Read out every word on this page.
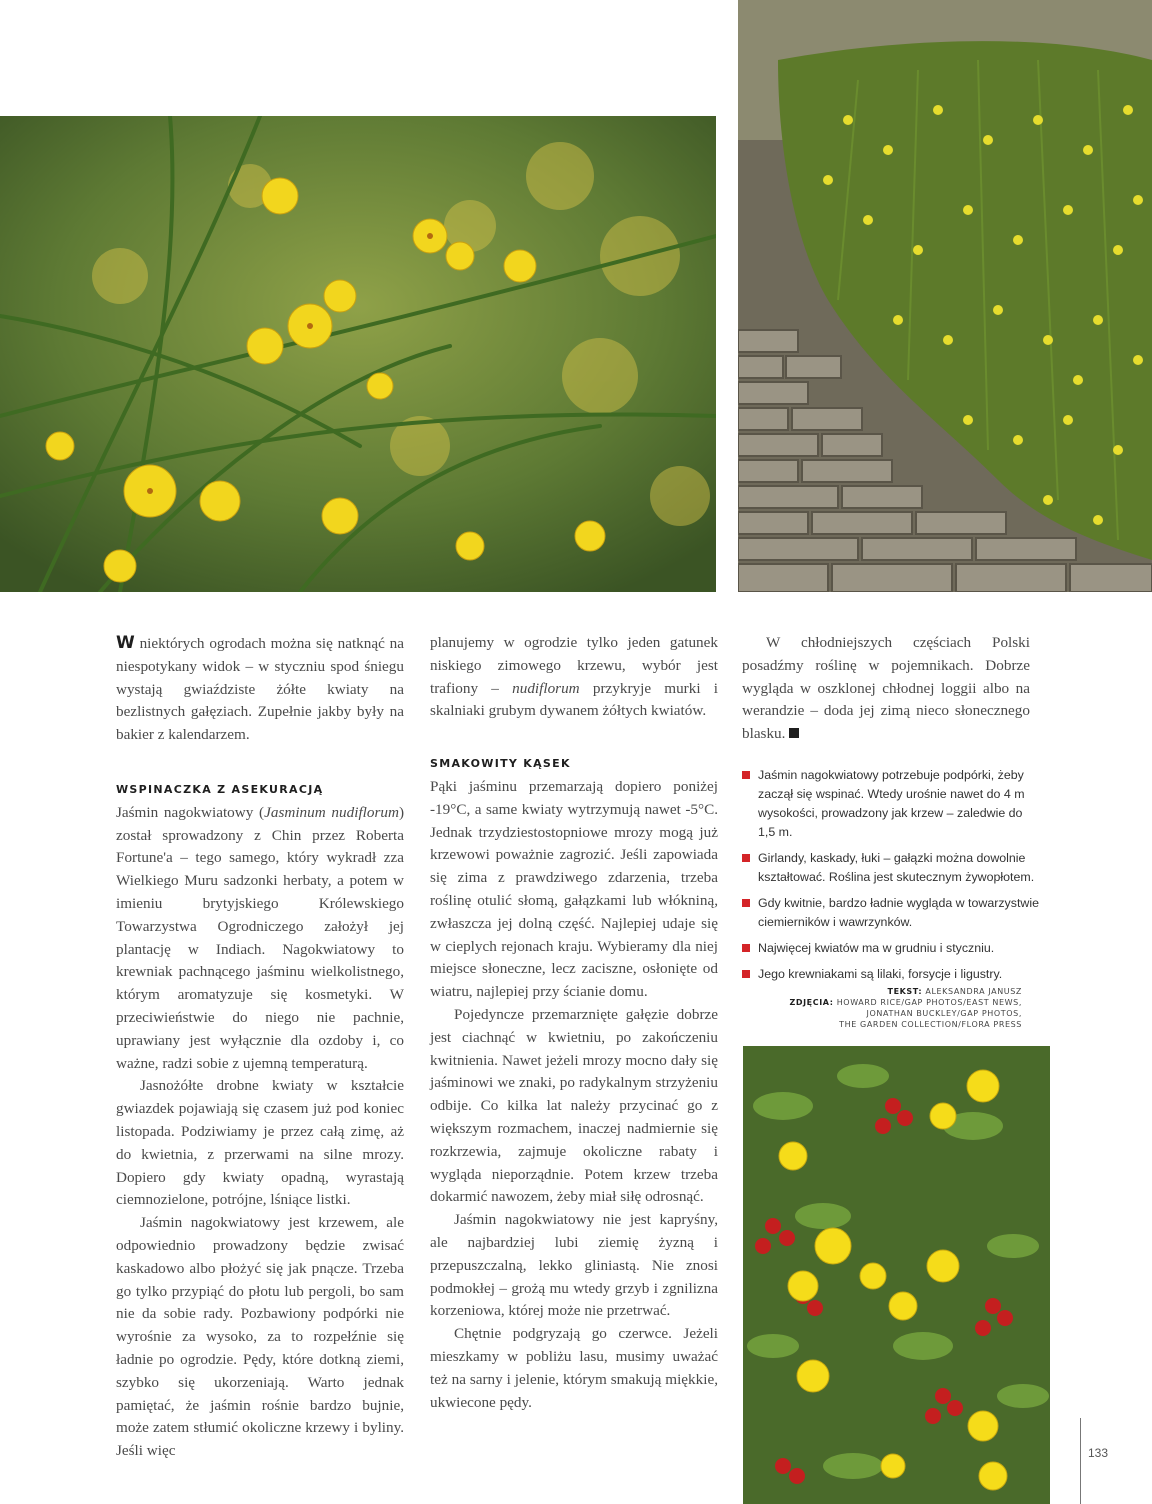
W niektórych ogrodach można się natknąć na niespotykany widok – w styczniu spod śniegu wystają gwiaździste żółte kwiaty na bezlistnych gałęziach. Zupełnie jakby były na bakier z kalendarzem.

WSPINACZKA Z ASEKURACJĄ

Jaśmin nagokwiatowy (Jasminum nudiflorum) został sprowadzony z Chin przez Roberta Fortune'a – tego samego, który wykradł zza Wielkiego Muru sadzonki herbaty, a potem w imieniu brytyjskiego Królewskiego Towarzystwa Ogrodniczego założył jej plantację w Indiach. Nagokwiatowy to krewniak pachnącego jaśminu wielkolistnego, którym aromatyzuje się kosmetyki. W przeciwieństwie do niego nie pachnie, uprawiany jest wyłącznie dla ozdoby i, co ważne, radzi sobie z ujemną temperaturą.

Jasnożółte drobne kwiaty w kształcie gwiazdek pojawiają się czasem już pod koniec listopada. Podziwiamy je przez całą zimę, aż do kwietnia, z przerwami na silne mrozy. Dopiero gdy kwiaty opadną, wyrastają ciemnozielone, potrójne, lśniące listki.

Jaśmin nagokwiatowy jest krzewem, ale odpowiednio prowadzony będzie zwisać kaskadowo albo płożyć się jak pnącze. Trzeba go tylko przypiąć do płotu lub pergoli, bo sam nie da sobie rady. Pozbawiony podpórki nie wyrośnie za wysoko, za to rozpełźnie się ładnie po ogrodzie. Pędy, które dotkną ziemi, szybko się ukorzeniają. Warto jednak pamiętać, że jaśmin rośnie bardzo bujnie, może zatem stłumić okoliczne krzewy i byliny. Jeśli więc

planujemy w ogrodzie tylko jeden gatunek niskiego zimowego krzewu, wybór jest trafiony – nudiflorum przykryje murki i skalniaki grubym dywanem żółtych kwiatów.

SMAKOWITY KĄSEK

Pąki jaśminu przemarzają dopiero poniżej -19°C, a same kwiaty wytrzymują nawet -5°C. Jednak trzydziestostopniowe mrozy mogą już krzewowi poważnie zagrozić. Jeśli zapowiada się zima z prawdziwego zdarzenia, trzeba roślinę otulić słomą, gałązkami lub włókniną, zwłaszcza jej dolną część. Najlepiej udaje się w cieplych rejonach kraju. Wybieramy dla niej miejsce słoneczne, lecz zaciszne, osłonięte od wiatru, najlepiej przy ścianie domu.

Pojedyncze przemarznięte gałęzie dobrze jest ciachnąć w kwietniu, po zakończeniu kwitnienia. Nawet jeżeli mrozy mocno dały się jaśminowi we znaki, po radykalnym strzyżeniu odbije. Co kilka lat należy przycinać go z większym rozmachem, inaczej nadmiernie się rozkrzewia, zajmuje okoliczne rabaty i wygląda nieporządnie. Potem krzew trzeba dokarmić nawozem, żeby miał siłę odrosnąć.

Jaśmin nagokwiatowy nie jest kapryśny, ale najbardziej lubi ziemię żyzną i przepuszczalną, lekko gliniastą. Nie znosi podmokłej – grożą mu wtedy grzyb i zgnilizna korzeniowa, której może nie przetrwać.

Chętnie podgryzają go czerwce. Jeżeli mieszkamy w pobliżu lasu, musimy uważać też na sarny i jelenie, którym smakują miękkie, ukwiecone pędy.

W chłodniejszych częściach Polski posadźmy roślinę w pojemnikach. Dobrze wygląda w oszklonej chłodnej loggii albo na werandzie – doda jej zimą nieco słonecznego blasku.

Jaśmin nagokwiatowy potrzebuje podpórki, żeby zaczął się wspinać. Wtedy urośnie nawet do 4 m wysokości, prowadzony jak krzew – zaledwie do 1,5 m.
Girlandy, kaskady, łuki – gałązki można dowolnie kształtować. Roślina jest skutecznym żywopłotem.
Gdy kwitnie, bardzo ładnie wygląda w towarzystwie ciemierników i wawrzynków.
Najwięcej kwiatów ma w grudniu i styczniu.
Jego krewniakami są lilaki, forsycje i ligustry.
TEKST: ALEKSANDRA JANUSZ
ZDJĘCIA: HOWARD RICE/GAP PHOTOS/EAST NEWS,
JONATHAN BUCKLEY/GAP PHOTOS,
THE GARDEN COLLECTION/FLORA PRESS
133
